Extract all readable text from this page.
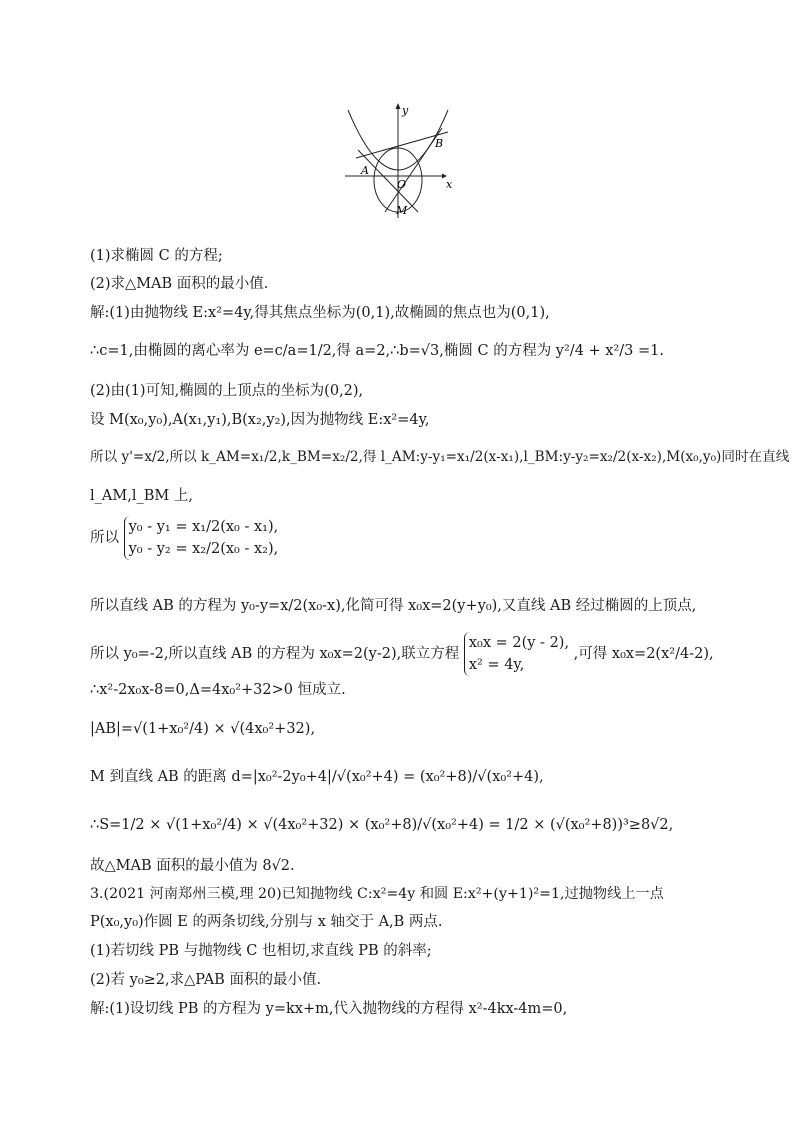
y
x
A
B
O
M
(1)求椭圆 C 的方程;
(2)求△MAB 面积的最小值.
解:(1)由抛物线 E:x²=4y,得其焦点坐标为(0,1),故椭圆的焦点也为(0,1),
∴c=1,由椭圆的离心率为 e=c/a=1/2,得 a=2,∴b=√3,椭圆 C 的方程为 y²/4 + x²/3 =1.
(2)由(1)可知,椭圆的上顶点的坐标为(0,2),
设 M(x₀,y₀),A(x₁,y₁),B(x₂,y₂),因为抛物线 E:x²=4y,
所以 y'=x/2,所以 k_AM=x₁/2,k_BM=x₂/2,得 l_AM:y-y₁=x₁/2(x-x₁),l_BM:y-y₂=x₂/2(x-x₂),M(x₀,y₀)同时在直线
l_AM,l_BM 上,
所以
y₀ - y₁ = x₁/2(x₀ - x₁),
y₀ - y₂ = x₂/2(x₀ - x₂),
所以直线 AB 的方程为 y₀-y=x/2(x₀-x),化简可得 x₀x=2(y+y₀),又直线 AB 经过椭圆的上顶点,
所以 y₀=-2,所以直线 AB 的方程为 x₀x=2(y-2),联立方程
x₀x = 2(y - 2),
x² = 4y,
,可得 x₀x=2(x²/4-2),
∴x²-2x₀x-8=0,Δ=4x₀²+32>0 恒成立.
|AB|=√(1+x₀²/4) × √(4x₀²+32),
M 到直线 AB 的距离 d=|x₀²-2y₀+4|/√(x₀²+4) = (x₀²+8)/√(x₀²+4),
∴S=1/2 × √(1+x₀²/4) × √(4x₀²+32) × (x₀²+8)/√(x₀²+4) = 1/2 × (√(x₀²+8))³≥8√2,
故△MAB 面积的最小值为 8√2.
3.(2021 河南郑州三模,理 20)已知抛物线 C:x²=4y 和圆 E:x²+(y+1)²=1,过抛物线上一点
P(x₀,y₀)作圆 E 的两条切线,分别与 x 轴交于 A,B 两点.
(1)若切线 PB 与抛物线 C 也相切,求直线 PB 的斜率;
(2)若 y₀≥2,求△PAB 面积的最小值.
解:(1)设切线 PB 的方程为 y=kx+m,代入抛物线的方程得 x²-4kx-4m=0,
